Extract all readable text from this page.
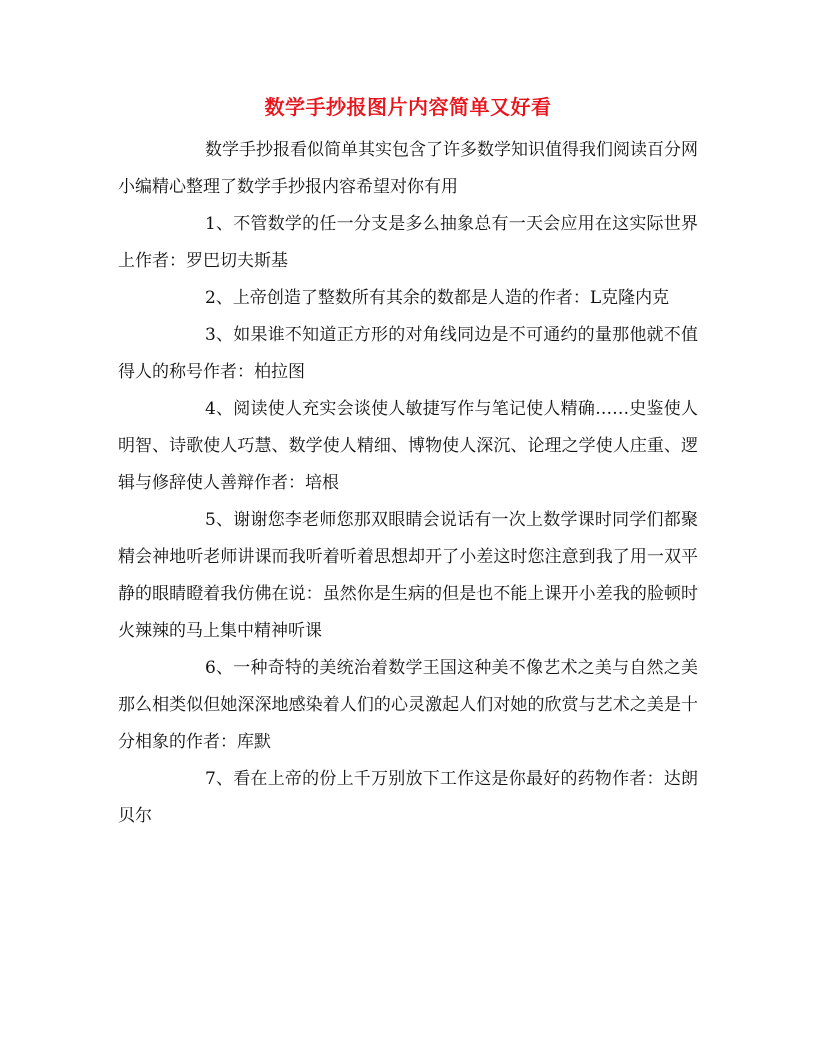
数学手抄报图片内容简单又好看

数学手抄报看似简单其实包含了许多数学知识值得我们阅读百分网小编精心整理了数学手抄报内容希望对你有用

1、不管数学的任一分支是多么抽象总有一天会应用在这实际世界上作者：罗巴切夫斯基

2、上帝创造了整数所有其余的数都是人造的作者：L克隆内克

3、如果谁不知道正方形的对角线同边是不可通约的量那他就不值得人的称号作者：柏拉图

4、阅读使人充实会谈使人敏捷写作与笔记使人精确……史鉴使人明智、诗歌使人巧慧、数学使人精细、博物使人深沉、论理之学使人庄重、逻辑与修辞使人善辩作者：培根

5、谢谢您李老师您那双眼睛会说话有一次上数学课时同学们都聚精会神地听老师讲课而我听着听着思想却开了小差这时您注意到我了用一双平静的眼睛瞪着我仿佛在说：虽然你是生病的但是也不能上课开小差我的脸顿时火辣辣的马上集中精神听课

6、一种奇特的美统治着数学王国这种美不像艺术之美与自然之美那么相类似但她深深地感染着人们的心灵激起人们对她的欣赏与艺术之美是十分相象的作者：库默

7、看在上帝的份上千万别放下工作这是你最好的药物作者：达朗贝尔
